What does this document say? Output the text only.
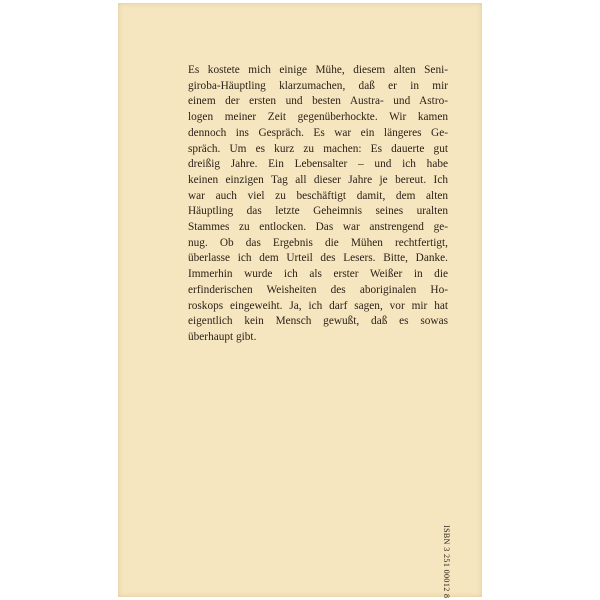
Es kostete mich einige Mühe, diesem alten Seni-
giroba-Häuptling klarzumachen, daß er in mir
einem der ersten und besten Austra- und Astro-
logen meiner Zeit gegenüberhockte. Wir kamen
dennoch ins Gespräch. Es war ein längeres Ge-
spräch. Um es kurz zu machen: Es dauerte gut
dreißig Jahre. Ein Lebensalter – und ich habe
keinen einzigen Tag all dieser Jahre je bereut. Ich
war auch viel zu beschäftigt damit, dem alten
Häuptling das letzte Geheimnis seines uralten
Stammes zu entlocken. Das war anstrengend ge-
nug. Ob das Ergebnis die Mühen rechtfertigt,
überlasse ich dem Urteil des Lesers. Bitte, Danke.
Immerhin wurde ich als erster Weißer in die
erfinderischen Weisheiten des aboriginalen Ho-
roskops eingeweiht. Ja, ich darf sagen, vor mir hat
eigentlich kein Mensch gewußt, daß es sowas
überhaupt gibt.
ISBN 3 251 00012 8
